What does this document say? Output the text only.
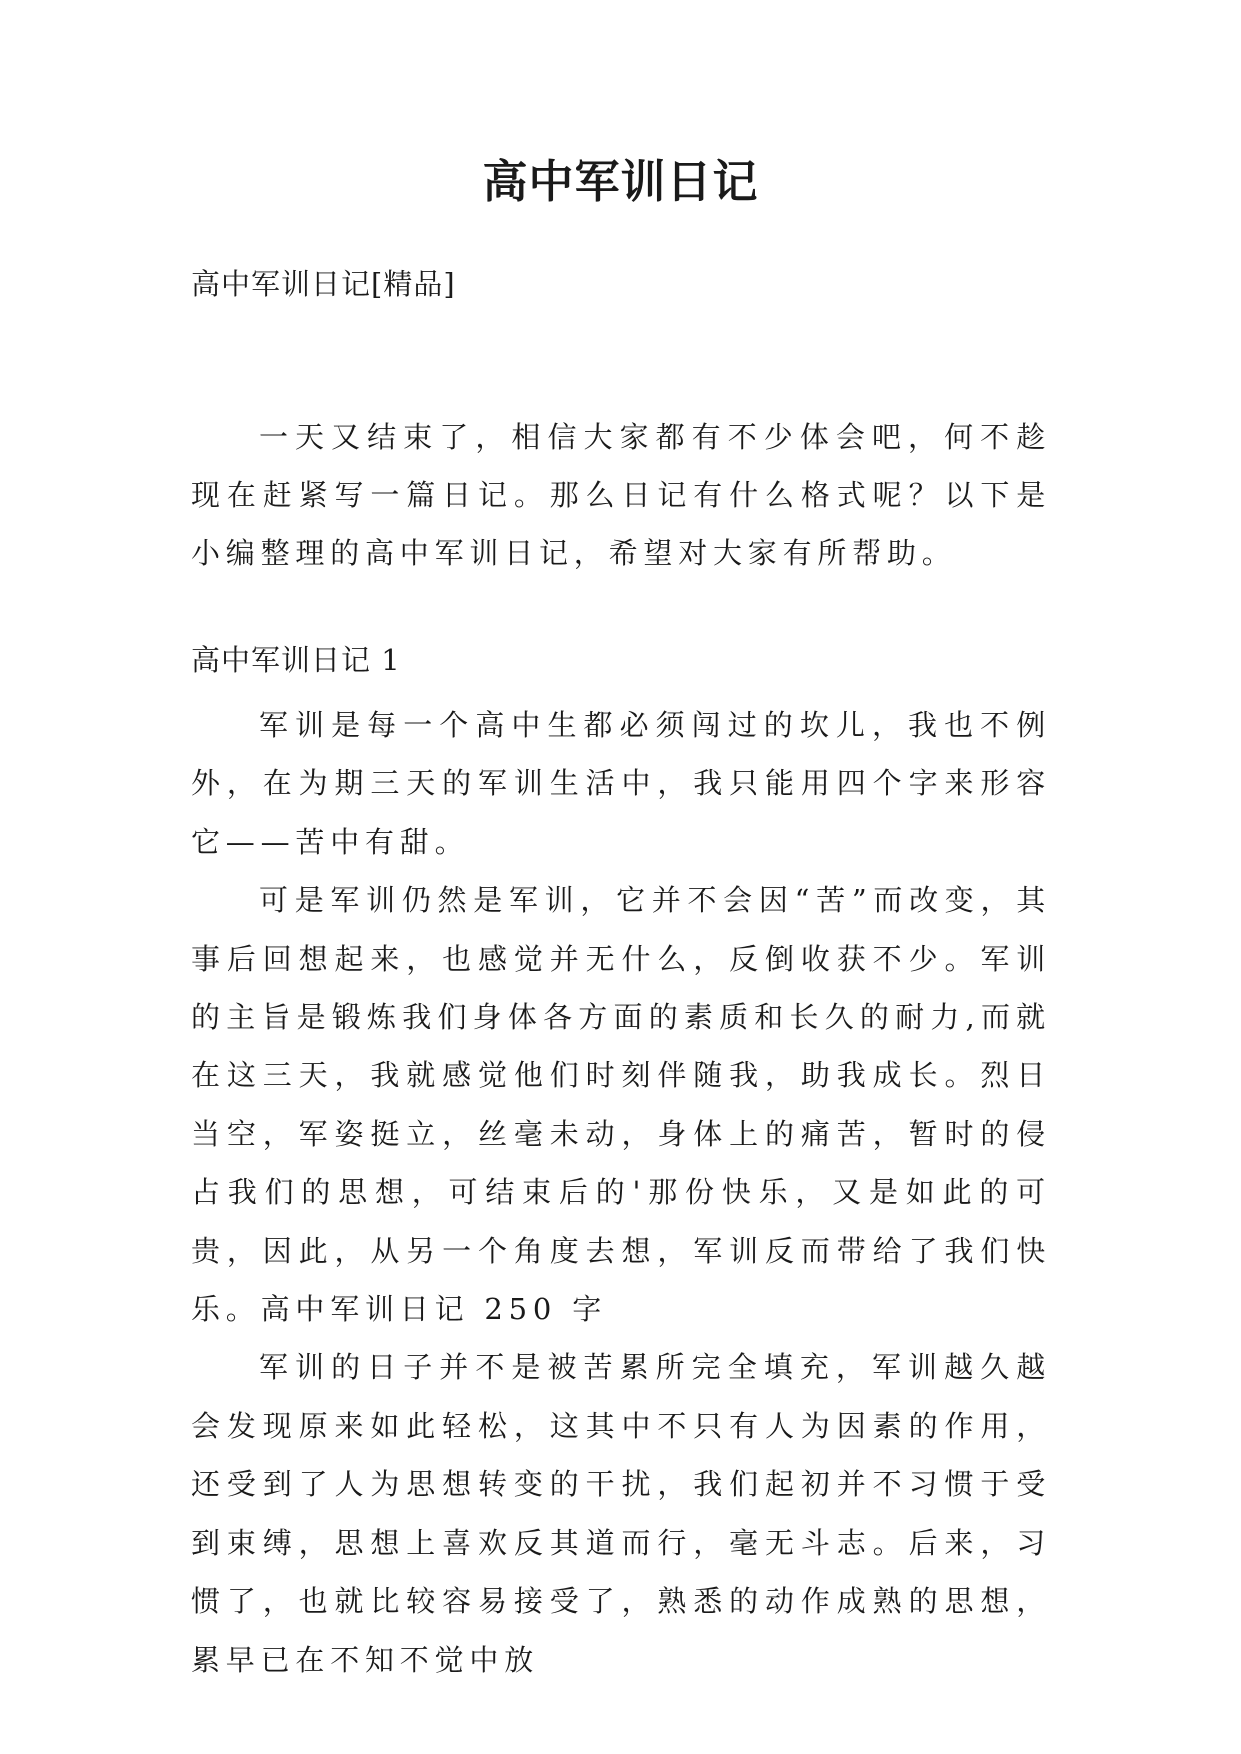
高中军训日记

高中军训日记[精品]

一天又结束了，相信大家都有不少体会吧，何不趁现在赶紧写一篇日记。那么日记有什么格式呢？以下是小编整理的高中军训日记，希望对大家有所帮助。

高中军训日记 1

军训是每一个高中生都必须闯过的坎儿，我也不例外，在为期三天的军训生活中，我只能用四个字来形容它——苦中有甜。

可是军训仍然是军训，它并不会因“苦”而改变，其事后回想起来，也感觉并无什么，反倒收获不少。军训的主旨是锻炼我们身体各方面的素质和长久的耐力,而就在这三天，我就感觉他们时刻伴随我，助我成长。烈日当空，军姿挺立，丝毫未动，身体上的痛苦，暂时的侵占我们的思想，可结束后的'那份快乐，又是如此的可贵，因此，从另一个角度去想，军训反而带给了我们快乐。高中军训日记 250 字

军训的日子并不是被苦累所完全填充，军训越久越会发现原来如此轻松，这其中不只有人为因素的作用，还受到了人为思想转变的干扰，我们起初并不习惯于受到束缚，思想上喜欢反其道而行，毫无斗志。后来，习惯了，也就比较容易接受了，熟悉的动作成熟的思想，累早已在不知不觉中放
